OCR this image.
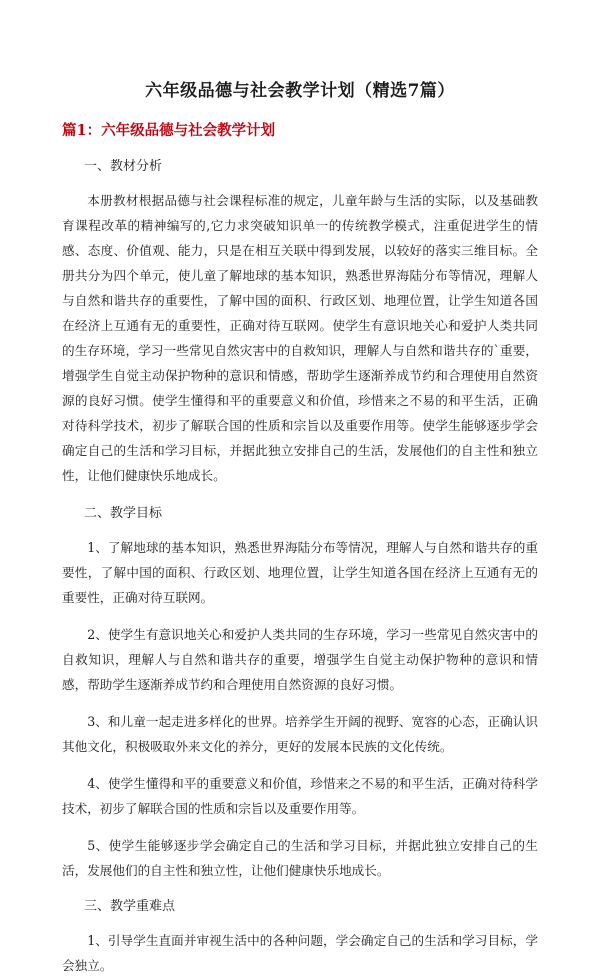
六年级品德与社会教学计划（精选7篇）
篇1：六年级品德与社会教学计划
一、教材分析

本册教材根据品德与社会课程标准的规定，儿童年龄与生活的实际，以及基础教育课程改革的精神编写的,它力求突破知识单一的传统教学模式，注重促进学生的情感、态度、价值观、能力，只是在相互关联中得到发展，以较好的落实三维目标。全册共分为四个单元，使儿童了解地球的基本知识，熟悉世界海陆分布等情况，理解人与自然和谐共存的重要性，了解中国的面积、行政区划、地理位置，让学生知道各国在经济上互通有无的重要性，正确对待互联网。使学生有意识地关心和爱护人类共同的生存环境，学习一些常见自然灾害中的自救知识，理解人与自然和谐共存的`重要，增强学生自觉主动保护物种的意识和情感，帮助学生逐渐养成节约和合理使用自然资源的良好习惯。使学生懂得和平的重要意义和价值，珍惜来之不易的和平生活，正确对待科学技术，初步了解联合国的性质和宗旨以及重要作用等。使学生能够逐步学会确定自己的生活和学习目标，并据此独立安排自己的生活，发展他们的自主性和独立性，让他们健康快乐地成长。

二、教学目标

1、了解地球的基本知识，熟悉世界海陆分布等情况，理解人与自然和谐共存的重要性，了解中国的面积、行政区划、地理位置，让学生知道各国在经济上互通有无的重要性，正确对待互联网。

2、使学生有意识地关心和爱护人类共同的生存环境，学习一些常见自然灾害中的自救知识，理解人与自然和谐共存的重要，增强学生自觉主动保护物种的意识和情感，帮助学生逐渐养成节约和合理使用自然资源的良好习惯。

3、和儿童一起走进多样化的世界。培养学生开阔的视野、宽容的心态，正确认识其他文化，积极吸取外来文化的养分，更好的发展本民族的文化传统。

4、使学生懂得和平的重要意义和价值，珍惜来之不易的和平生活，正确对待科学技术，初步了解联合国的性质和宗旨以及重要作用等。

5、使学生能够逐步学会确定自己的生活和学习目标，并据此独立安排自己的生活，发展他们的自主性和独立性，让他们健康快乐地成长。

三、教学重难点

1、引导学生直面并审视生活中的各种问题，学会确定自己的生活和学习目标，学会独立。
